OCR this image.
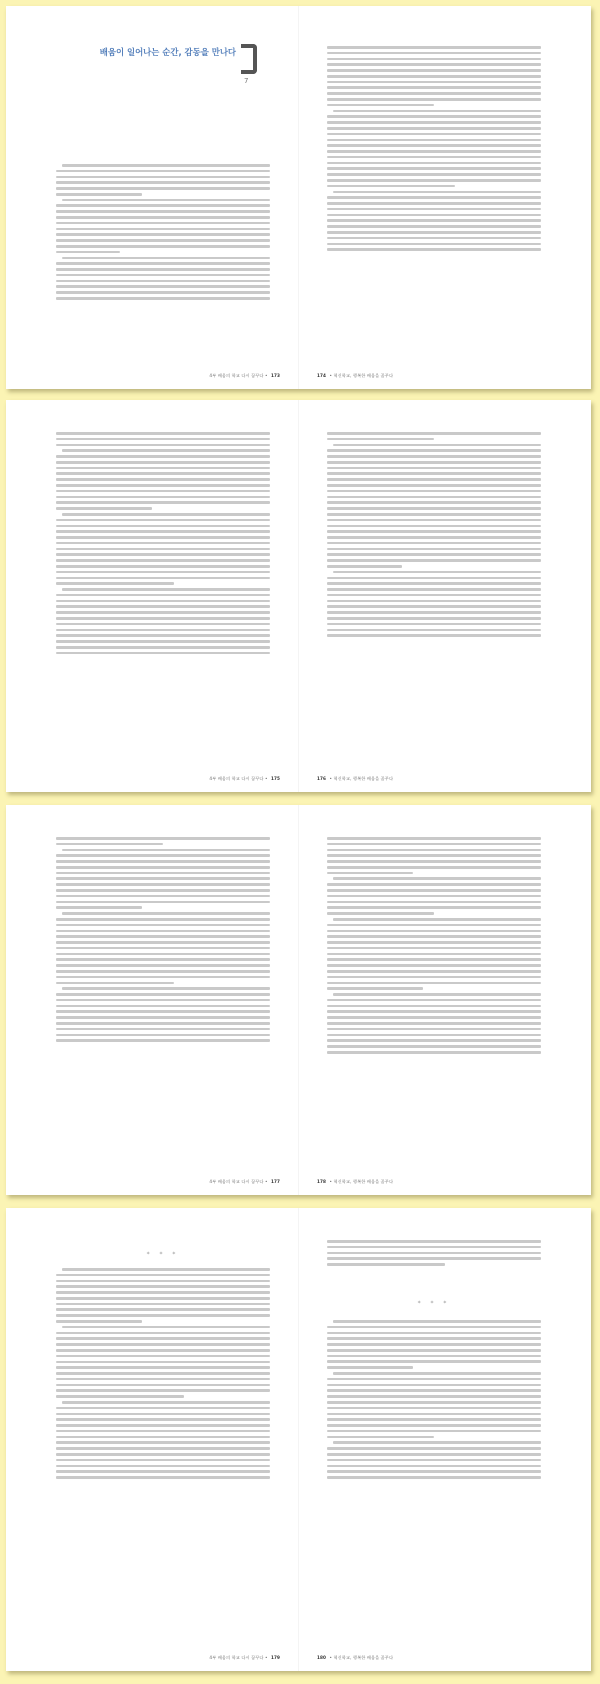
배움이 일어나는 순간, 감동을 만나다
7
4부 배움의 학교 다시 꿈꾸다 • 173	174 • 혁신학교, 행복한 배움을 꿈꾸다
4부 배움의 학교 다시 꿈꾸다 • 175	176 • 혁신학교, 행복한 배움을 꿈꾸다
4부 배움의 학교 다시 꿈꾸다 • 177	178 • 혁신학교, 행복한 배움을 꿈꾸다
* * *
4부 배움의 학교 다시 꿈꾸다 • 179
* * *
180 • 혁신학교, 행복한 배움을 꿈꾸다
